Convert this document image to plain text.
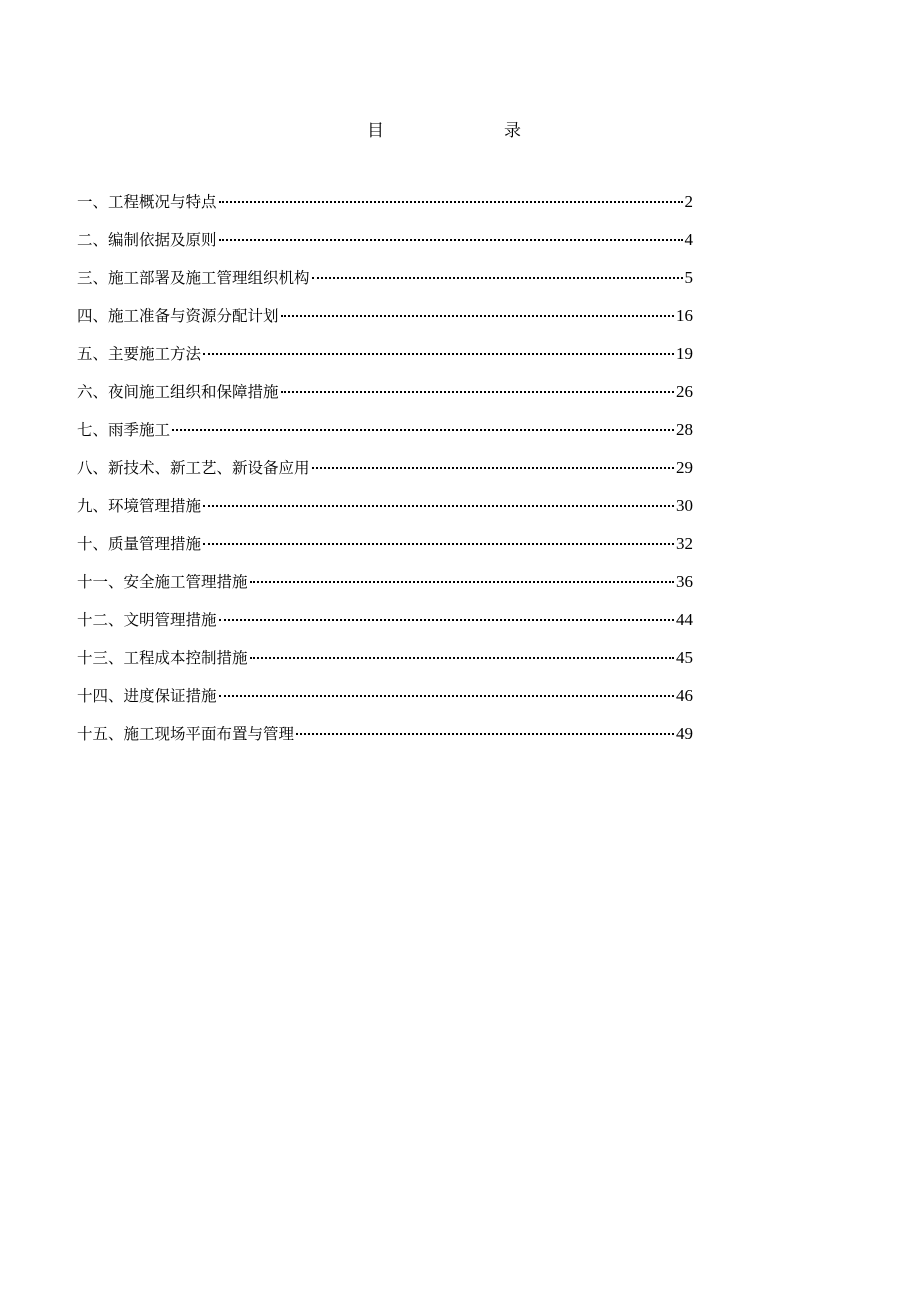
目	录
一、工程概况与特点	2
二、编制依据及原则	4
三、施工部署及施工管理组织机构	5
四、施工准备与资源分配计划	16
五、主要施工方法	19
六、夜间施工组织和保障措施	26
七、雨季施工	28
八、新技术、新工艺、新设备应用	29
九、环境管理措施	30
十、质量管理措施	32
十一、安全施工管理措施	36
十二、文明管理措施	44
十三、工程成本控制措施	45
十四、进度保证措施	46
十五、施工现场平面布置与管理	49
